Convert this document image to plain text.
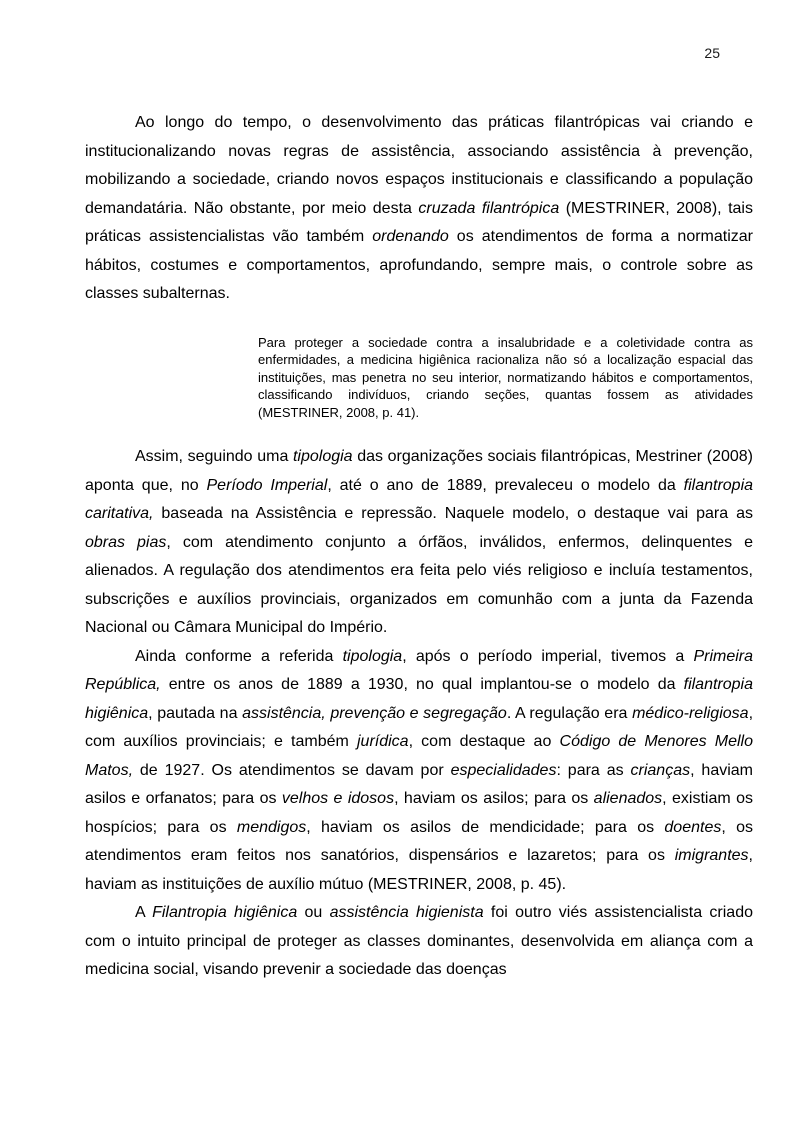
25

Ao longo do tempo, o desenvolvimento das práticas filantrópicas vai criando e institucionalizando novas regras de assistência, associando assistência à prevenção, mobilizando a sociedade, criando novos espaços institucionais e classificando a população demandatária. Não obstante, por meio desta cruzada filantrópica (MESTRINER, 2008), tais práticas assistencialistas vão também ordenando os atendimentos de forma a normatizar hábitos, costumes e comportamentos, aprofundando, sempre mais, o controle sobre as classes subalternas.

Para proteger a sociedade contra a insalubridade e a coletividade contra as enfermidades, a medicina higiênica racionaliza não só a localização espacial das instituições, mas penetra no seu interior, normatizando hábitos e comportamentos, classificando indivíduos, criando seções, quantas fossem as atividades (MESTRINER, 2008, p. 41).

Assim, seguindo uma tipologia das organizações sociais filantrópicas, Mestriner (2008) aponta que, no Período Imperial, até o ano de 1889, prevaleceu o modelo da filantropia caritativa, baseada na Assistência e repressão. Naquele modelo, o destaque vai para as obras pias, com atendimento conjunto a órfãos, inválidos, enfermos, delinquentes e alienados. A regulação dos atendimentos era feita pelo viés religioso e incluía testamentos, subscrições e auxílios provinciais, organizados em comunhão com a junta da Fazenda Nacional ou Câmara Municipal do Império.

Ainda conforme a referida tipologia, após o período imperial, tivemos a Primeira República, entre os anos de 1889 a 1930, no qual implantou-se o modelo da filantropia higiênica, pautada na assistência, prevenção e segregação. A regulação era médico-religiosa, com auxílios provinciais; e também jurídica, com destaque ao Código de Menores Mello Matos, de 1927. Os atendimentos se davam por especialidades: para as crianças, haviam asilos e orfanatos; para os velhos e idosos, haviam os asilos; para os alienados, existiam os hospícios; para os mendigos, haviam os asilos de mendicidade; para os doentes, os atendimentos eram feitos nos sanatórios, dispensários e lazaretos; para os imigrantes, haviam as instituições de auxílio mútuo (MESTRINER, 2008, p. 45).

A Filantropia higiênica ou assistência higienista foi outro viés assistencialista criado com o intuito principal de proteger as classes dominantes, desenvolvida em aliança com a medicina social, visando prevenir a sociedade das doenças
